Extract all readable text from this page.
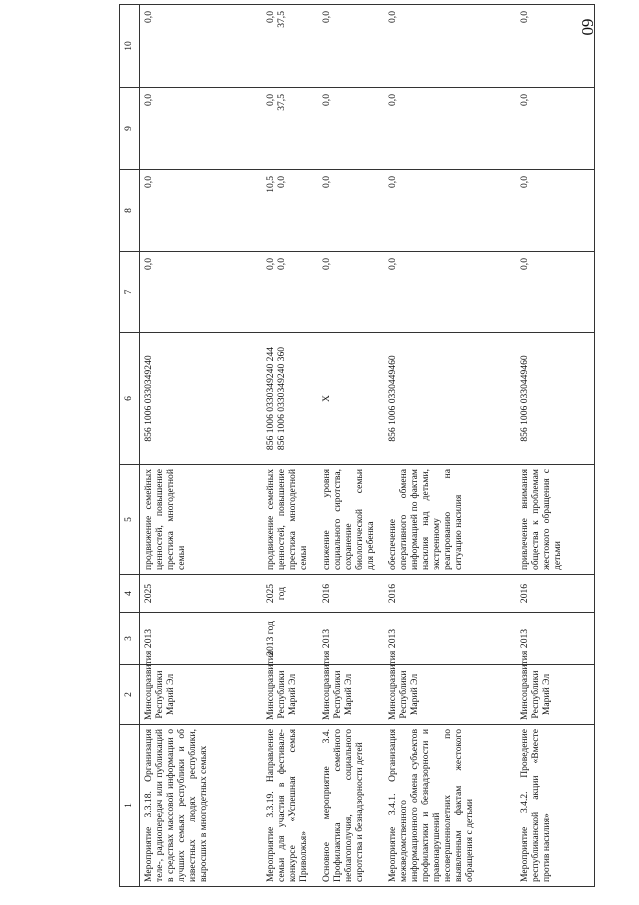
60
1	2	3	4	5	6	7	8	9	10
Мероприятие 3.3.18. Организация теле-, радиопередач или публикаций в средствах массовой информации о лучших семьях республики и об известных людях республики, выросших в многодетных семьях	Минсоцразвития Республики Марий Эл	2013	2025	продвижение семейных ценностей, повышение престижа многодетной семьи	856 1006 0330349240	0,0	0,0	0,0	0,0

Мероприятие 3.3.19. Направление семьи для участия в фестивале-конкурсе «Успешная семья Приволжья»	Минсоцразвития Республики Марий Эл	2013 год	2025 год	продвижение семейных ценностей, повышение престижа многодетной семьи	856 1006 0330349240 244 856 1006 0330349240 360	0,0 0,0	10,5 0,0	0,0 37,5	0,0 37,5

Основное мероприятие 3.4. Профилактика семейного неблагополучия, социального сиротства и безнадзорности детей	Минсоцразвития Республики Марий Эл	2013	2016	снижение уровня социального сиротства, сохранение биологической семьи для ребенка	Х	0,0	0,0	0,0	0,0

Мероприятие 3.4.1. Организация межведомственного информационного обмена субъектов профилактики и безнадзорности и правонарушений несовершеннолетних по выявленным фактам жестокого обращения с детьми	Минсоцразвития Республики Марий Эл	2013	2016	обеспечение оперативного обмена информацией по фактам насилия над детьми, экстренному реагированию на ситуацию насилия	856 1006 0330449460	0,0	0,0	0,0	0,0

Мероприятие 3.4.2. Проведение республиканской акции «Вместе против насилия»	Минсоцразвития Республики Марий Эл	2013	2016	привлечение внимания общества к проблемам жестокого обращения с детьми	856 1006 0330449460	0,0	0,0	0,0	0,0
